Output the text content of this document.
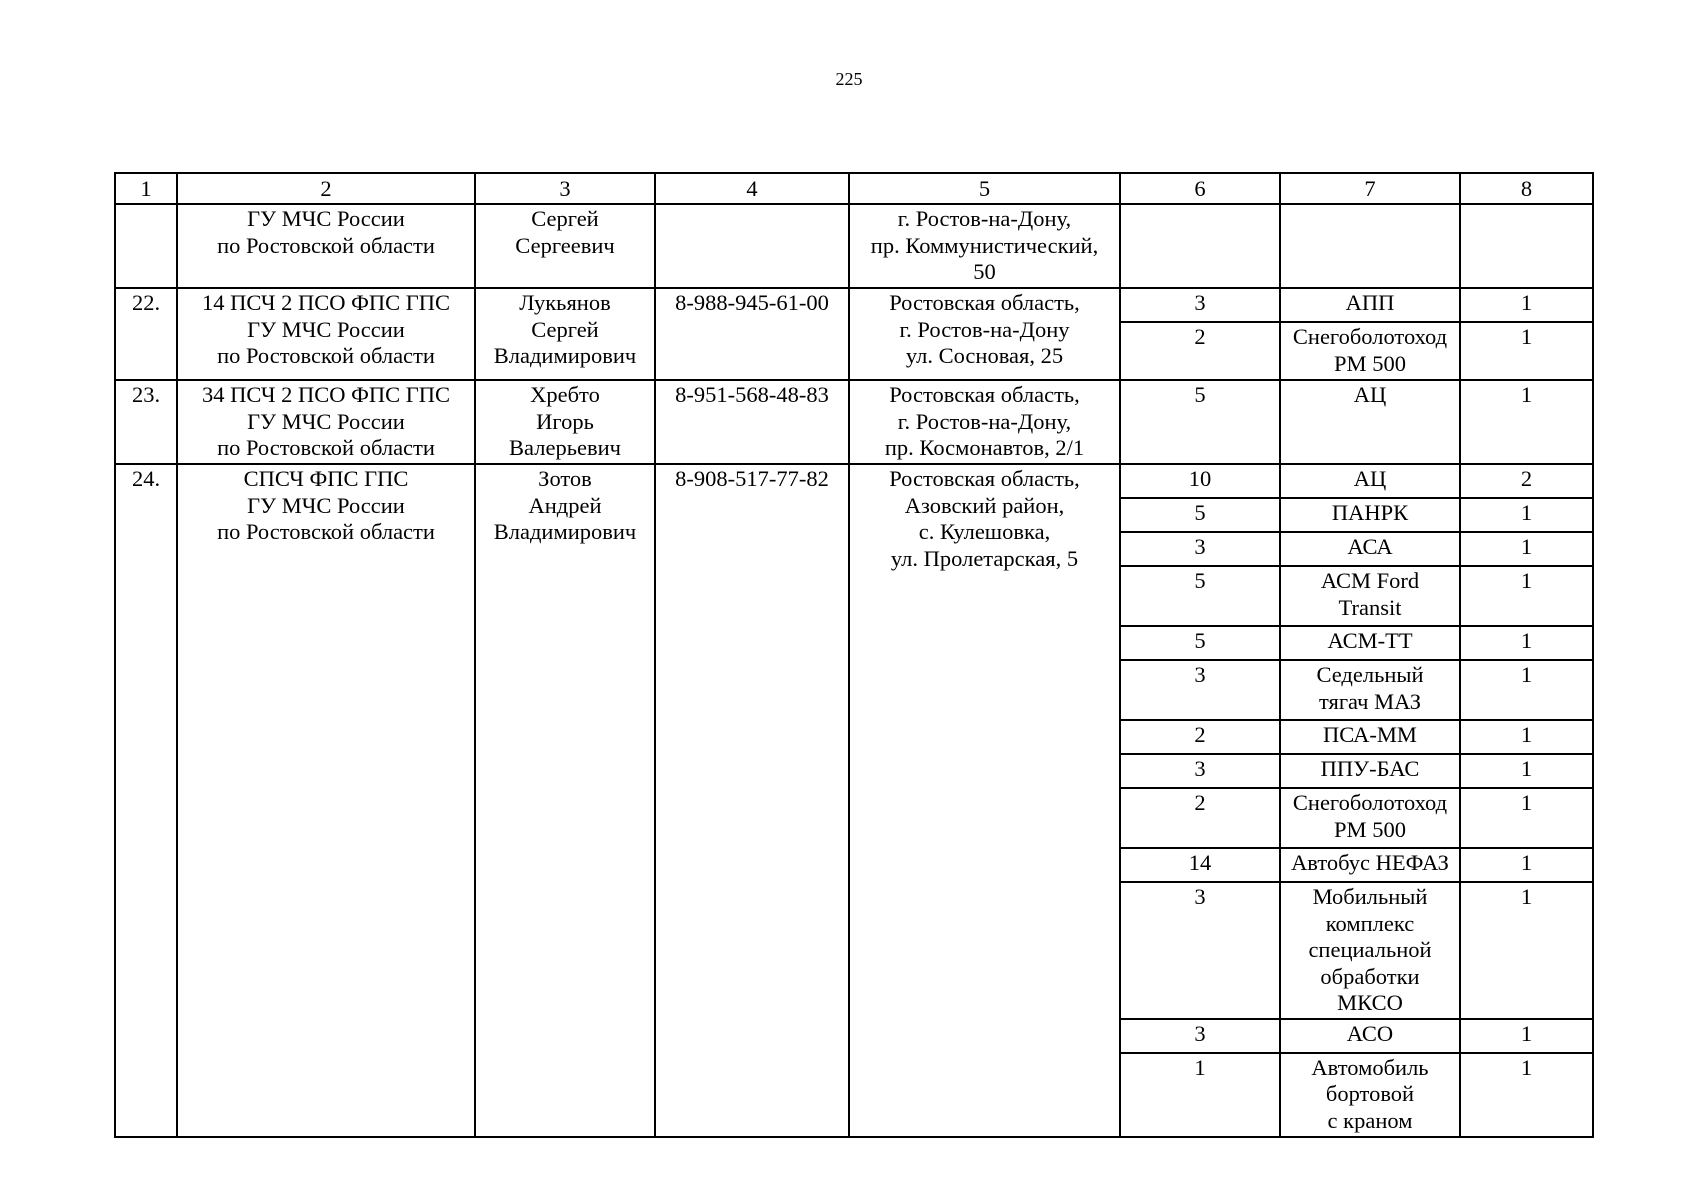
225
1	2	3	4	5	6	7	8
	ГУ МЧС России
по Ростовской области	Сергей
Сергеевич		г. Ростов-на-Дону,
пр. Коммунистический,
50			
22.	14 ПСЧ 2 ПСО ФПС ГПС
ГУ МЧС России
по Ростовской области	Лукьянов
Сергей
Владимирович	8-988-945-61-00	Ростовская область,
г. Ростов-на-Дону
ул. Сосновая, 25	3	АПП	1
					2	Снегоболотоход
РМ 500	1
23.	34 ПСЧ 2 ПСО ФПС ГПС
ГУ МЧС России
по Ростовской области	Хребто
Игорь
Валерьевич	8-951-568-48-83	Ростовская область,
г. Ростов-на-Дону,
пр. Космонавтов, 2/1	5	АЦ	1
24.	СПСЧ ФПС ГПС
ГУ МЧС России
по Ростовской области	Зотов
Андрей
Владимирович	8-908-517-77-82	Ростовская область,
Азовский район,
с. Кулешовка,
ул. Пролетарская, 5	10	АЦ	2
					5	ПАНРК	1
					3	АСА	1
					5	АСМ Ford
Transit	1
					5	АСМ-ТТ	1
					3	Седельный
тягач МАЗ	1
					2	ПСА-ММ	1
					3	ППУ-БАС	1
					2	Снегоболотоход
РМ 500	1
					14	Автобус НЕФАЗ	1
					3	Мобильный
комплекс
специальной
обработки
МКСО	1
					3	АСО	1
					1	Автомобиль
бортовой
с краном	1
